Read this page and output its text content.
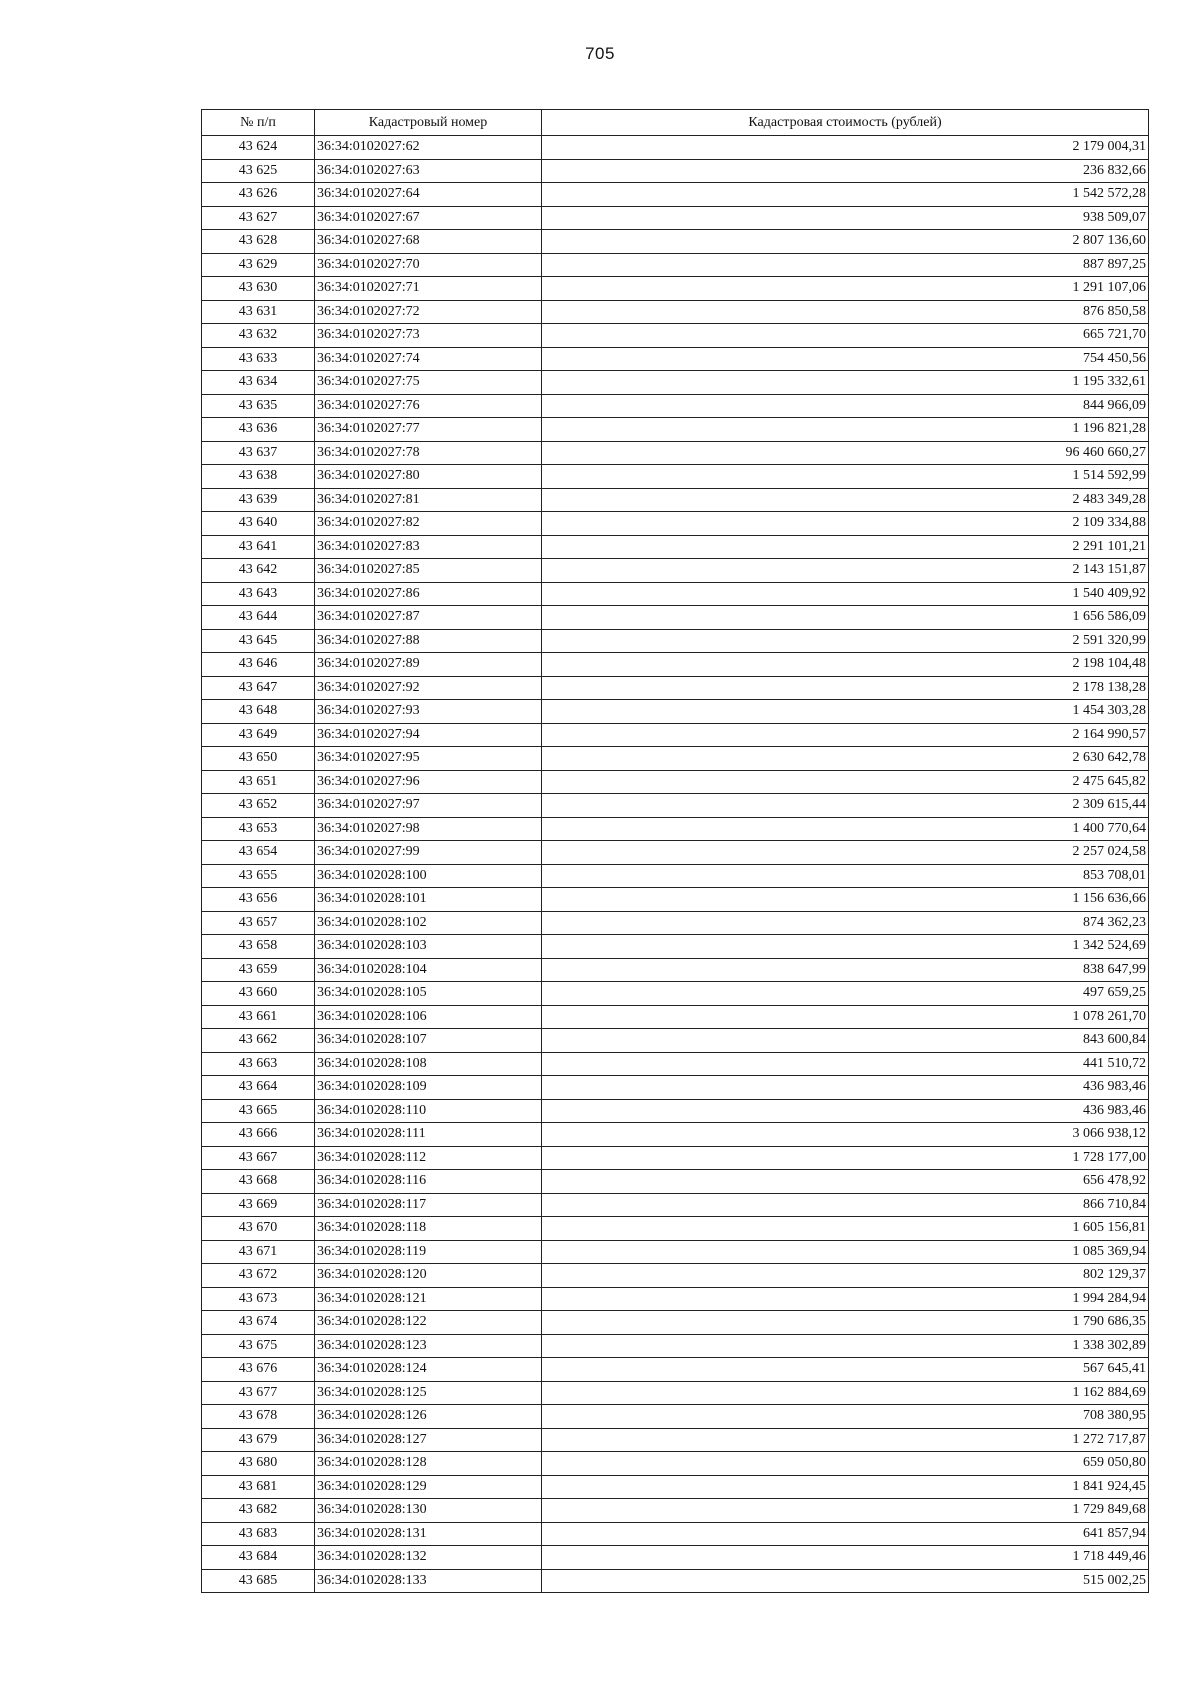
705
№ п/п	Кадастровый номер	Кадастровая стоимость (рублей)
43 624	36:34:0102027:62	2 179 004,31
43 625	36:34:0102027:63	236 832,66
43 626	36:34:0102027:64	1 542 572,28
43 627	36:34:0102027:67	938 509,07
43 628	36:34:0102027:68	2 807 136,60
43 629	36:34:0102027:70	887 897,25
43 630	36:34:0102027:71	1 291 107,06
43 631	36:34:0102027:72	876 850,58
43 632	36:34:0102027:73	665 721,70
43 633	36:34:0102027:74	754 450,56
43 634	36:34:0102027:75	1 195 332,61
43 635	36:34:0102027:76	844 966,09
43 636	36:34:0102027:77	1 196 821,28
43 637	36:34:0102027:78	96 460 660,27
43 638	36:34:0102027:80	1 514 592,99
43 639	36:34:0102027:81	2 483 349,28
43 640	36:34:0102027:82	2 109 334,88
43 641	36:34:0102027:83	2 291 101,21
43 642	36:34:0102027:85	2 143 151,87
43 643	36:34:0102027:86	1 540 409,92
43 644	36:34:0102027:87	1 656 586,09
43 645	36:34:0102027:88	2 591 320,99
43 646	36:34:0102027:89	2 198 104,48
43 647	36:34:0102027:92	2 178 138,28
43 648	36:34:0102027:93	1 454 303,28
43 649	36:34:0102027:94	2 164 990,57
43 650	36:34:0102027:95	2 630 642,78
43 651	36:34:0102027:96	2 475 645,82
43 652	36:34:0102027:97	2 309 615,44
43 653	36:34:0102027:98	1 400 770,64
43 654	36:34:0102027:99	2 257 024,58
43 655	36:34:0102028:100	853 708,01
43 656	36:34:0102028:101	1 156 636,66
43 657	36:34:0102028:102	874 362,23
43 658	36:34:0102028:103	1 342 524,69
43 659	36:34:0102028:104	838 647,99
43 660	36:34:0102028:105	497 659,25
43 661	36:34:0102028:106	1 078 261,70
43 662	36:34:0102028:107	843 600,84
43 663	36:34:0102028:108	441 510,72
43 664	36:34:0102028:109	436 983,46
43 665	36:34:0102028:110	436 983,46
43 666	36:34:0102028:111	3 066 938,12
43 667	36:34:0102028:112	1 728 177,00
43 668	36:34:0102028:116	656 478,92
43 669	36:34:0102028:117	866 710,84
43 670	36:34:0102028:118	1 605 156,81
43 671	36:34:0102028:119	1 085 369,94
43 672	36:34:0102028:120	802 129,37
43 673	36:34:0102028:121	1 994 284,94
43 674	36:34:0102028:122	1 790 686,35
43 675	36:34:0102028:123	1 338 302,89
43 676	36:34:0102028:124	567 645,41
43 677	36:34:0102028:125	1 162 884,69
43 678	36:34:0102028:126	708 380,95
43 679	36:34:0102028:127	1 272 717,87
43 680	36:34:0102028:128	659 050,80
43 681	36:34:0102028:129	1 841 924,45
43 682	36:34:0102028:130	1 729 849,68
43 683	36:34:0102028:131	641 857,94
43 684	36:34:0102028:132	1 718 449,46
43 685	36:34:0102028:133	515 002,25
